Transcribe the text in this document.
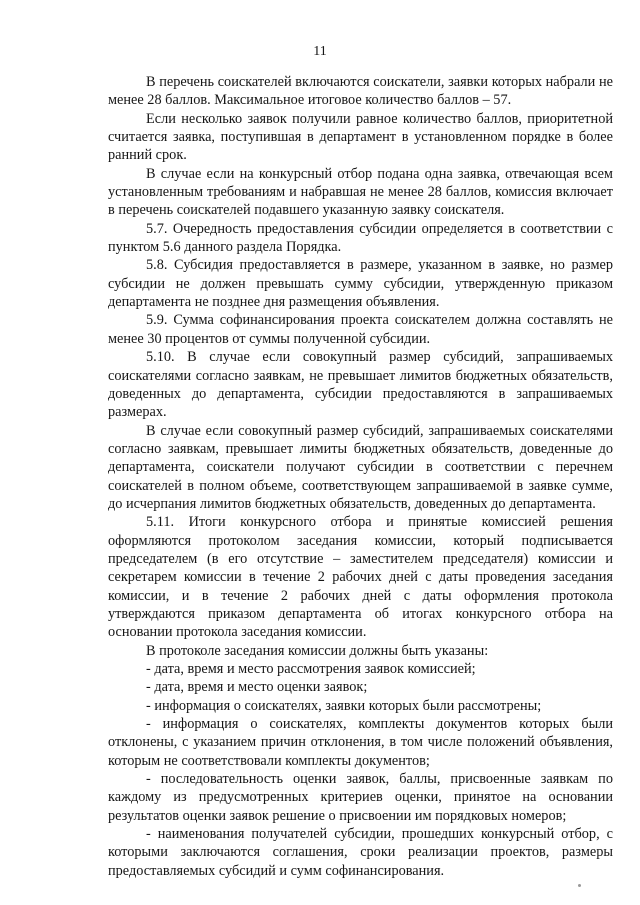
11

В перечень соискателей включаются соискатели, заявки которых набрали не менее 28 баллов. Максимальное итоговое количество баллов – 57.

Если несколько заявок получили равное количество баллов, приоритетной считается заявка, поступившая в департамент в установленном порядке в более ранний срок.

В случае если на конкурсный отбор подана одна заявка, отвечающая всем установленным требованиям и набравшая не менее 28 баллов, комиссия включает в перечень соискателей подавшего указанную заявку соискателя.

5.7. Очередность предоставления субсидии определяется в соответствии с пунктом 5.6 данного раздела Порядка.

5.8. Субсидия предоставляется в размере, указанном в заявке, но размер субсидии не должен превышать сумму субсидии, утвержденную приказом департамента не позднее дня размещения объявления.

5.9. Сумма софинансирования проекта соискателем должна составлять не менее 30 процентов от суммы полученной субсидии.

5.10. В случае если совокупный размер субсидий, запрашиваемых соискателями согласно заявкам, не превышает лимитов бюджетных обязательств, доведенных до департамента, субсидии предоставляются в запрашиваемых размерах.

В случае если совокупный размер субсидий, запрашиваемых соискателями согласно заявкам, превышает лимиты бюджетных обязательств, доведенные до департамента, соискатели получают субсидии в соответствии с перечнем соискателей в полном объеме, соответствующем запрашиваемой в заявке сумме, до исчерпания лимитов бюджетных обязательств, доведенных до департамента.

5.11. Итоги конкурсного отбора и принятые комиссией решения оформляются протоколом заседания комиссии, который подписывается председателем (в его отсутствие – заместителем председателя) комиссии и секретарем комиссии в течение 2 рабочих дней с даты проведения заседания комиссии, и в течение 2 рабочих дней с даты оформления протокола утверждаются приказом департамента об итогах конкурсного отбора на основании протокола заседания комиссии.

В протоколе заседания комиссии должны быть указаны:

- дата, время и место рассмотрения заявок комиссией;

- дата, время и место оценки заявок;

- информация о соискателях, заявки которых были рассмотрены;

- информация о соискателях, комплекты документов которых были отклонены, с указанием причин отклонения, в том числе положений объявления, которым не соответствовали комплекты документов;

- последовательность оценки заявок, баллы, присвоенные заявкам по каждому из предусмотренных критериев оценки, принятое на основании результатов оценки заявок решение о присвоении им порядковых номеров;

- наименования получателей субсидии, прошедших конкурсный отбор, с которыми заключаются соглашения, сроки реализации проектов, размеры предоставляемых субсидий и сумм софинансирования.
